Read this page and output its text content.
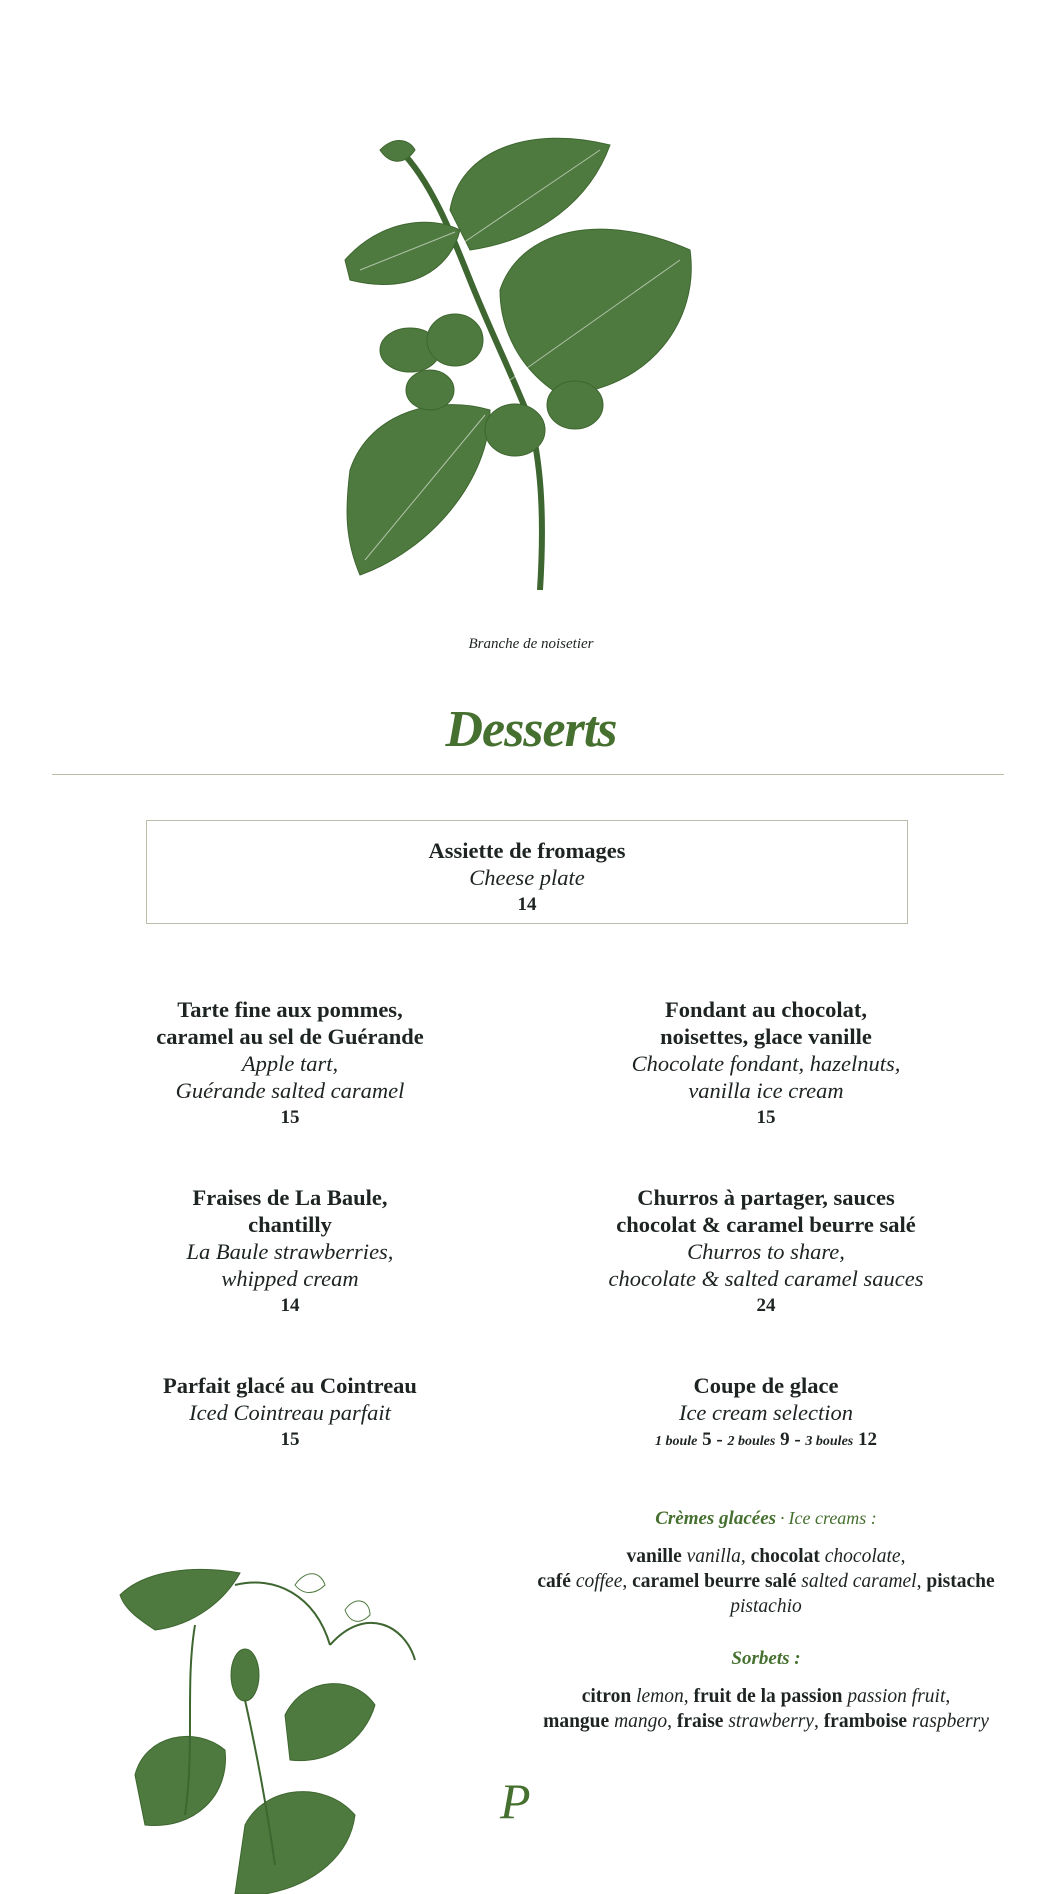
Branche de noisetier
Desserts
Assiette de fromages
Cheese plate
14
Tarte fine aux pommes,
caramel au sel de Guérande
Apple tart,
Guérande salted caramel
15
Fondant au chocolat,
noisettes, glace vanille
Chocolate fondant, hazelnuts,
vanilla ice cream
15
Fraises de La Baule,
chantilly
La Baule strawberries,
whipped cream
14
Churros à partager, sauces
chocolat & caramel beurre salé
Churros to share,
chocolate & salted caramel sauces
24
Parfait glacé au Cointreau
Iced Cointreau parfait
15
Coupe de glace
Ice cream selection
1 boule 5 - 2 boules 9 - 3 boules 12
Crèmes glacées · Ice creams :
vanille vanilla, chocolat chocolate,
café coffee, caramel beurre salé salted caramel, pistache pistachio
Sorbets :
citron lemon, fruit de la passion passion fruit,
mangue mango, fraise strawberry, framboise raspberry
P
